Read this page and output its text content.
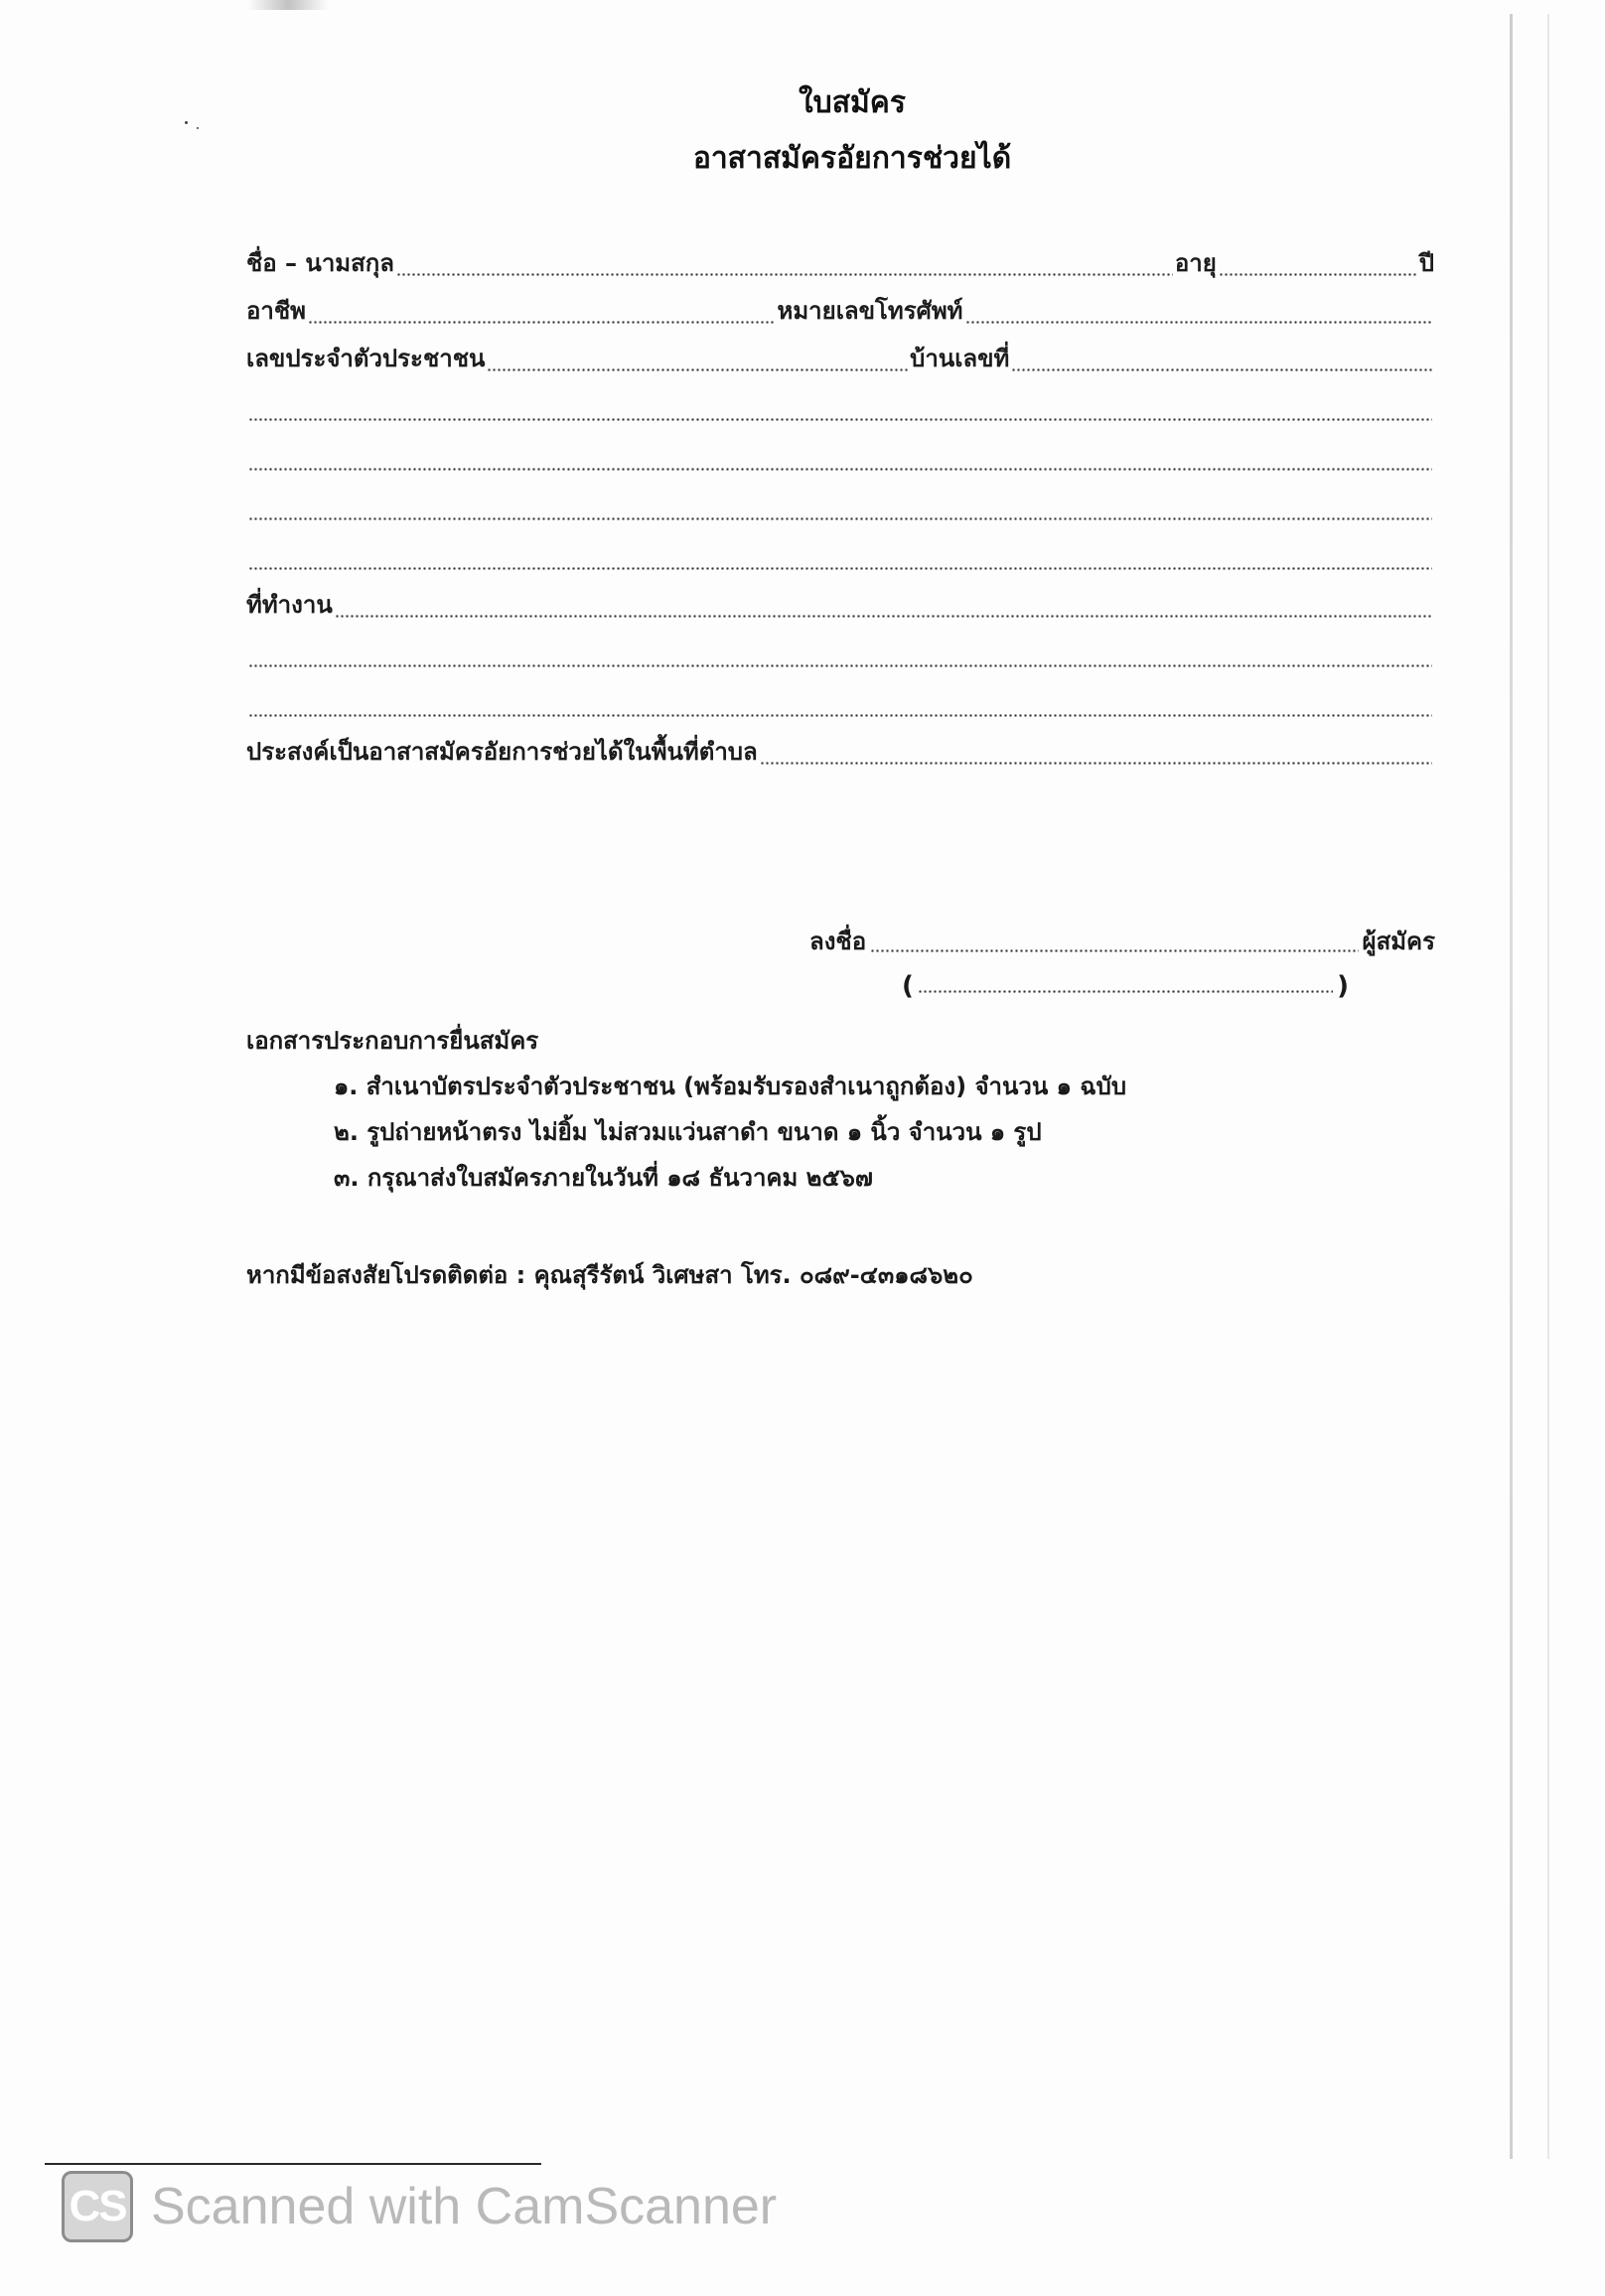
ใบสมัคร
อาสาสมัครอัยการช่วยได้
ชื่อ – นามสกุล	อายุ	ปี
อาชีพ	หมายเลขโทรศัพท์
เลขประจำตัวประชาชน	บ้านเลขที่
ที่ทำงาน
ประสงค์เป็นอาสาสมัครอัยการช่วยได้ในพื้นที่ตำบล
ลงชื่อ	ผู้สมัคร
(	)
เอกสารประกอบการยื่นสมัคร
๑. สำเนาบัตรประจำตัวประชาชน (พร้อมรับรองสำเนาถูกต้อง) จำนวน ๑ ฉบับ
๒. รูปถ่ายหน้าตรง ไม่ยิ้ม ไม่สวมแว่นสาดำ ขนาด ๑ นิ้ว จำนวน ๑ รูป
๓. กรุณาส่งใบสมัครภายในวันที่ ๑๘ ธันวาคม ๒๕๖๗
หากมีข้อสงสัยโปรดติดต่อ : คุณสุรีรัตน์ วิเศษสา โทร. ๐๘๙-๔๓๑๘๖๒๐
CS Scanned with CamScanner
